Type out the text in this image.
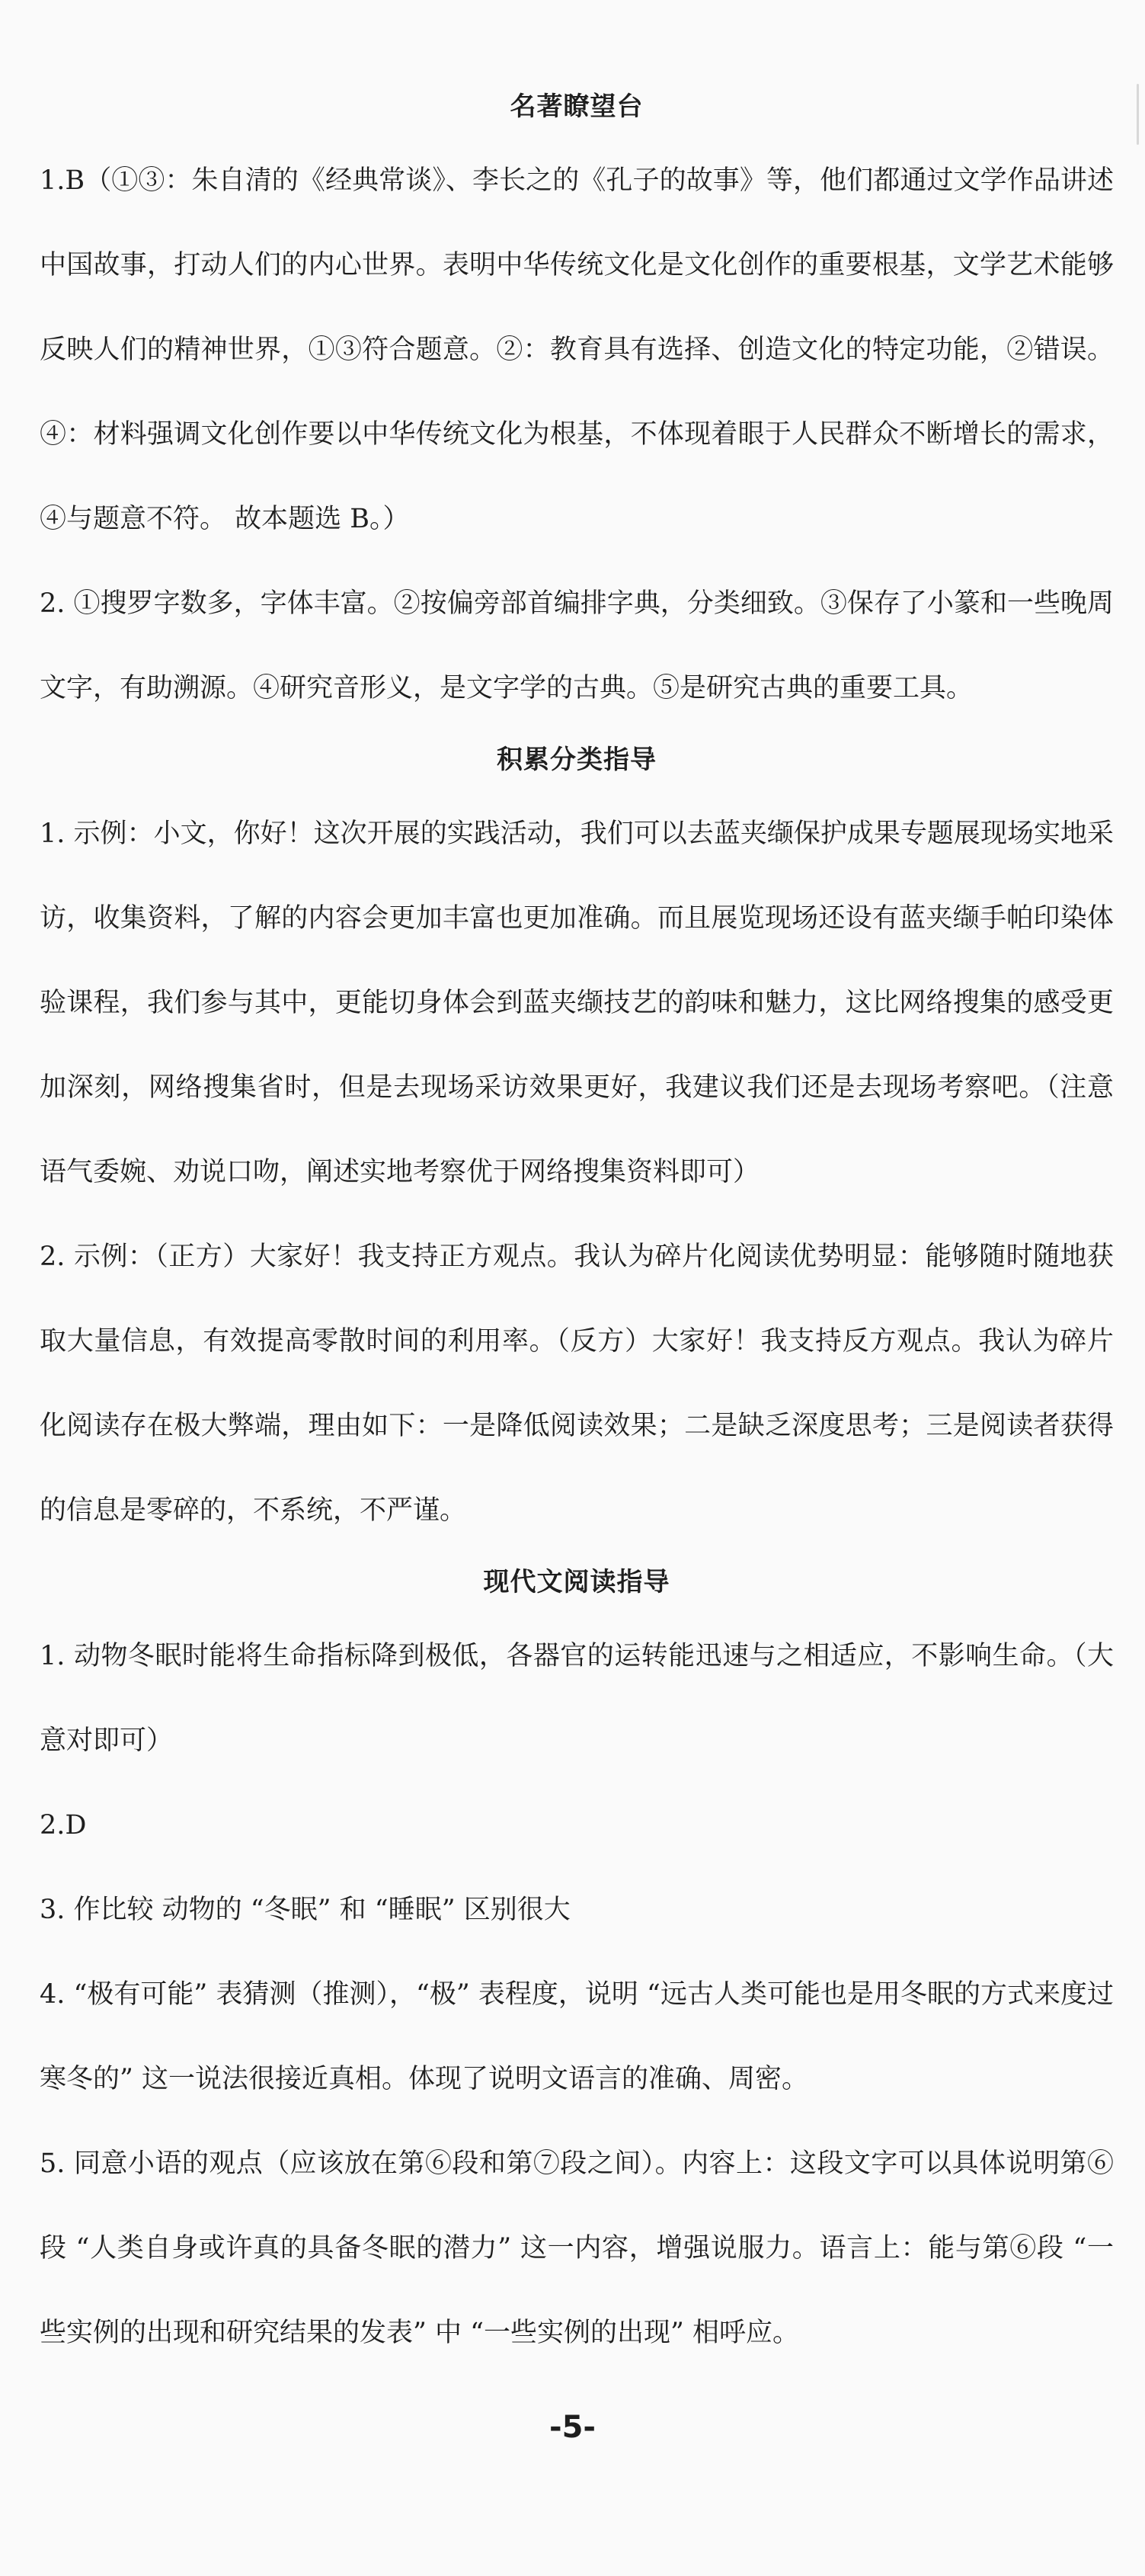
名著瞭望台

1.B（①③：朱自清的《经典常谈》、李长之的《孔子的故事》等，他们都通过文学作品讲述中国故事，打动人们的内心世界。表明中华传统文化是文化创作的重要根基，文学艺术能够反映人们的精神世界，①③符合题意。②：教育具有选择、创造文化的特定功能，②错误。④：材料强调文化创作要以中华传统文化为根基，不体现着眼于人民群众不断增长的需求，④与题意不符。 故本题选 B。）

2. ①搜罗字数多，字体丰富。②按偏旁部首编排字典，分类细致。③保存了小篆和一些晚周文字，有助溯源。④研究音形义，是文字学的古典。⑤是研究古典的重要工具。

积累分类指导

1. 示例：小文，你好！这次开展的实践活动，我们可以去蓝夹缬保护成果专题展现场实地采访，收集资料，了解的内容会更加丰富也更加准确。而且展览现场还设有蓝夹缬手帕印染体验课程，我们参与其中，更能切身体会到蓝夹缬技艺的韵味和魅力，这比网络搜集的感受更加深刻，网络搜集省时，但是去现场采访效果更好，我建议我们还是去现场考察吧。（注意语气委婉、劝说口吻，阐述实地考察优于网络搜集资料即可）

2. 示例：（正方）大家好！我支持正方观点。我认为碎片化阅读优势明显：能够随时随地获取大量信息，有效提高零散时间的利用率。（反方）大家好！我支持反方观点。我认为碎片化阅读存在极大弊端，理由如下：一是降低阅读效果；二是缺乏深度思考；三是阅读者获得的信息是零碎的，不系统，不严谨。

现代文阅读指导

1. 动物冬眠时能将生命指标降到极低，各器官的运转能迅速与之相适应，不影响生命。（大意对即可）

2.D

3. 作比较 动物的 “冬眠” 和 “睡眠” 区别很大

4. “极有可能” 表猜测（推测），“极” 表程度，说明 “远古人类可能也是用冬眠的方式来度过寒冬的” 这一说法很接近真相。体现了说明文语言的准确、周密。

5. 同意小语的观点（应该放在第⑥段和第⑦段之间）。内容上：这段文字可以具体说明第⑥段 “人类自身或许真的具备冬眠的潜力” 这一内容，增强说服力。语言上：能与第⑥段 “一些实例的出现和研究结果的发表” 中 “一些实例的出现” 相呼应。

-5-
